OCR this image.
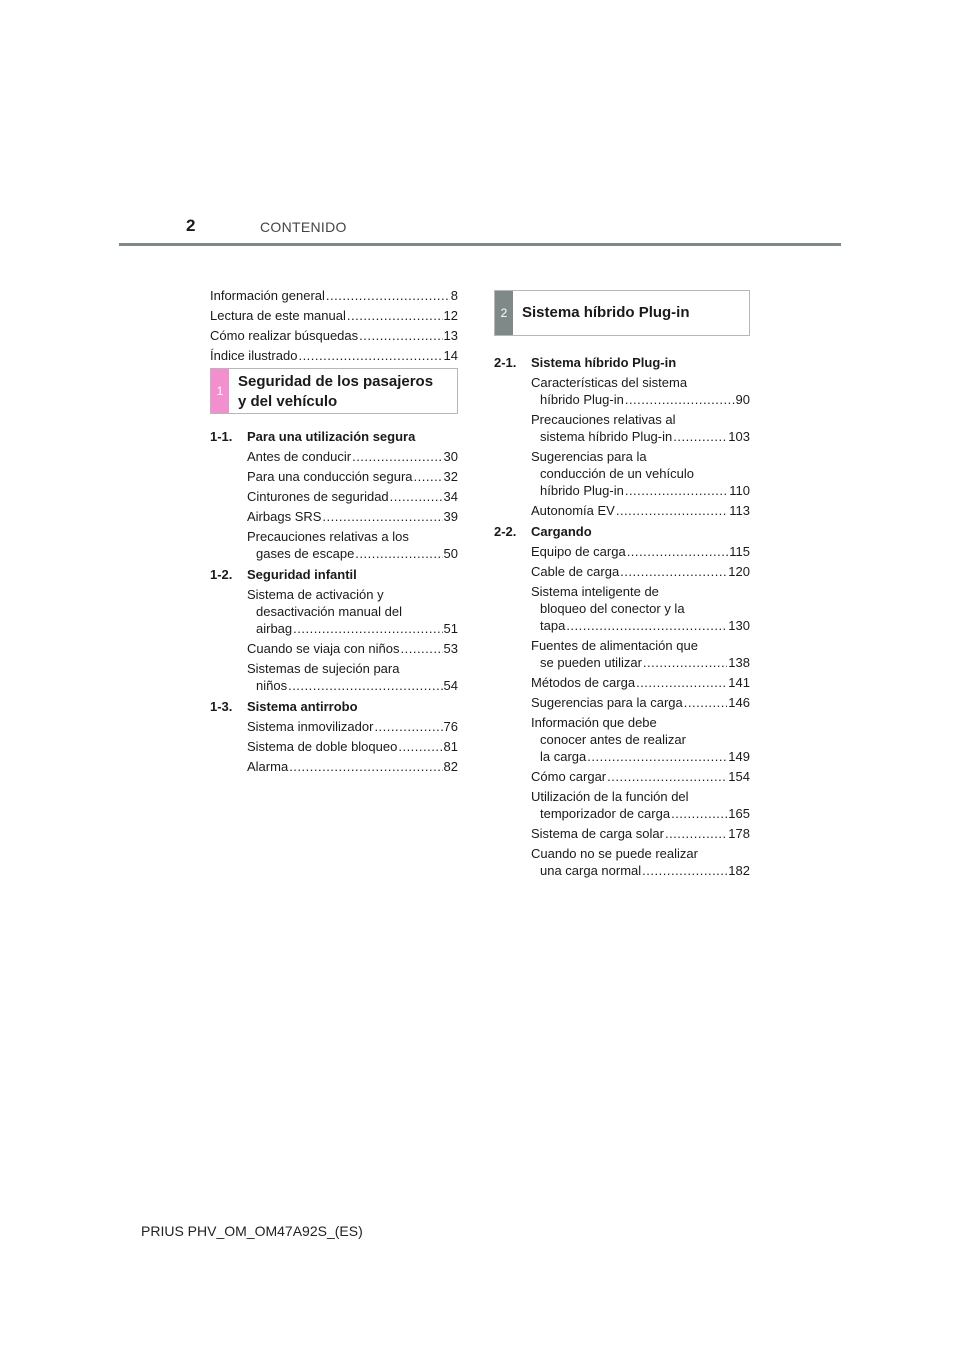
2	CONTENIDO
Información general .....	8
Lectura de este manual .....	12
Cómo realizar búsquedas .....	13
Índice ilustrado .....	14
1
Seguridad de los pasajeros
y del vehículo
1-1.	Para una utilización segura
Antes de conducir .....	30
Para una conducción segura ..... 32
Cinturones de seguridad .....	34
Airbags SRS .....	39
Precauciones relativas a los
gases de escape .....	50
1-2.	Seguridad infantil
Sistema de activación y
desactivación manual del
airbag .....	51
Cuando se viaja con niños .....	53
Sistemas de sujeción para
niños .....	54
1-3.	Sistema antirrobo
Sistema inmovilizador .....	76
Sistema de doble bloqueo .....	81
Alarma .....	82
2 Sistema híbrido Plug-in
2-1.	Sistema híbrido Plug-in
Características del sistema
híbrido Plug-in .....	90
Precauciones relativas al
sistema híbrido Plug-in .....	103
Sugerencias para la
conducción de un vehículo
híbrido Plug-in .....	110
Autonomía EV .....	113
2-2.	Cargando
Equipo de carga .....	115
Cable de carga .....	120
Sistema inteligente de
bloqueo del conector y la
tapa .....	130
Fuentes de alimentación que
se pueden utilizar .....	138
Métodos de carga .....	141
Sugerencias para la carga .....	146
Información que debe
conocer antes de realizar
la carga .....	149
Cómo cargar .....	154
Utilización de la función del
temporizador de carga .....	165
Sistema de carga solar .....	178
Cuando no se puede realizar
una carga normal .....	182
PRIUS PHV_OM_OM47A92S_(ES)
